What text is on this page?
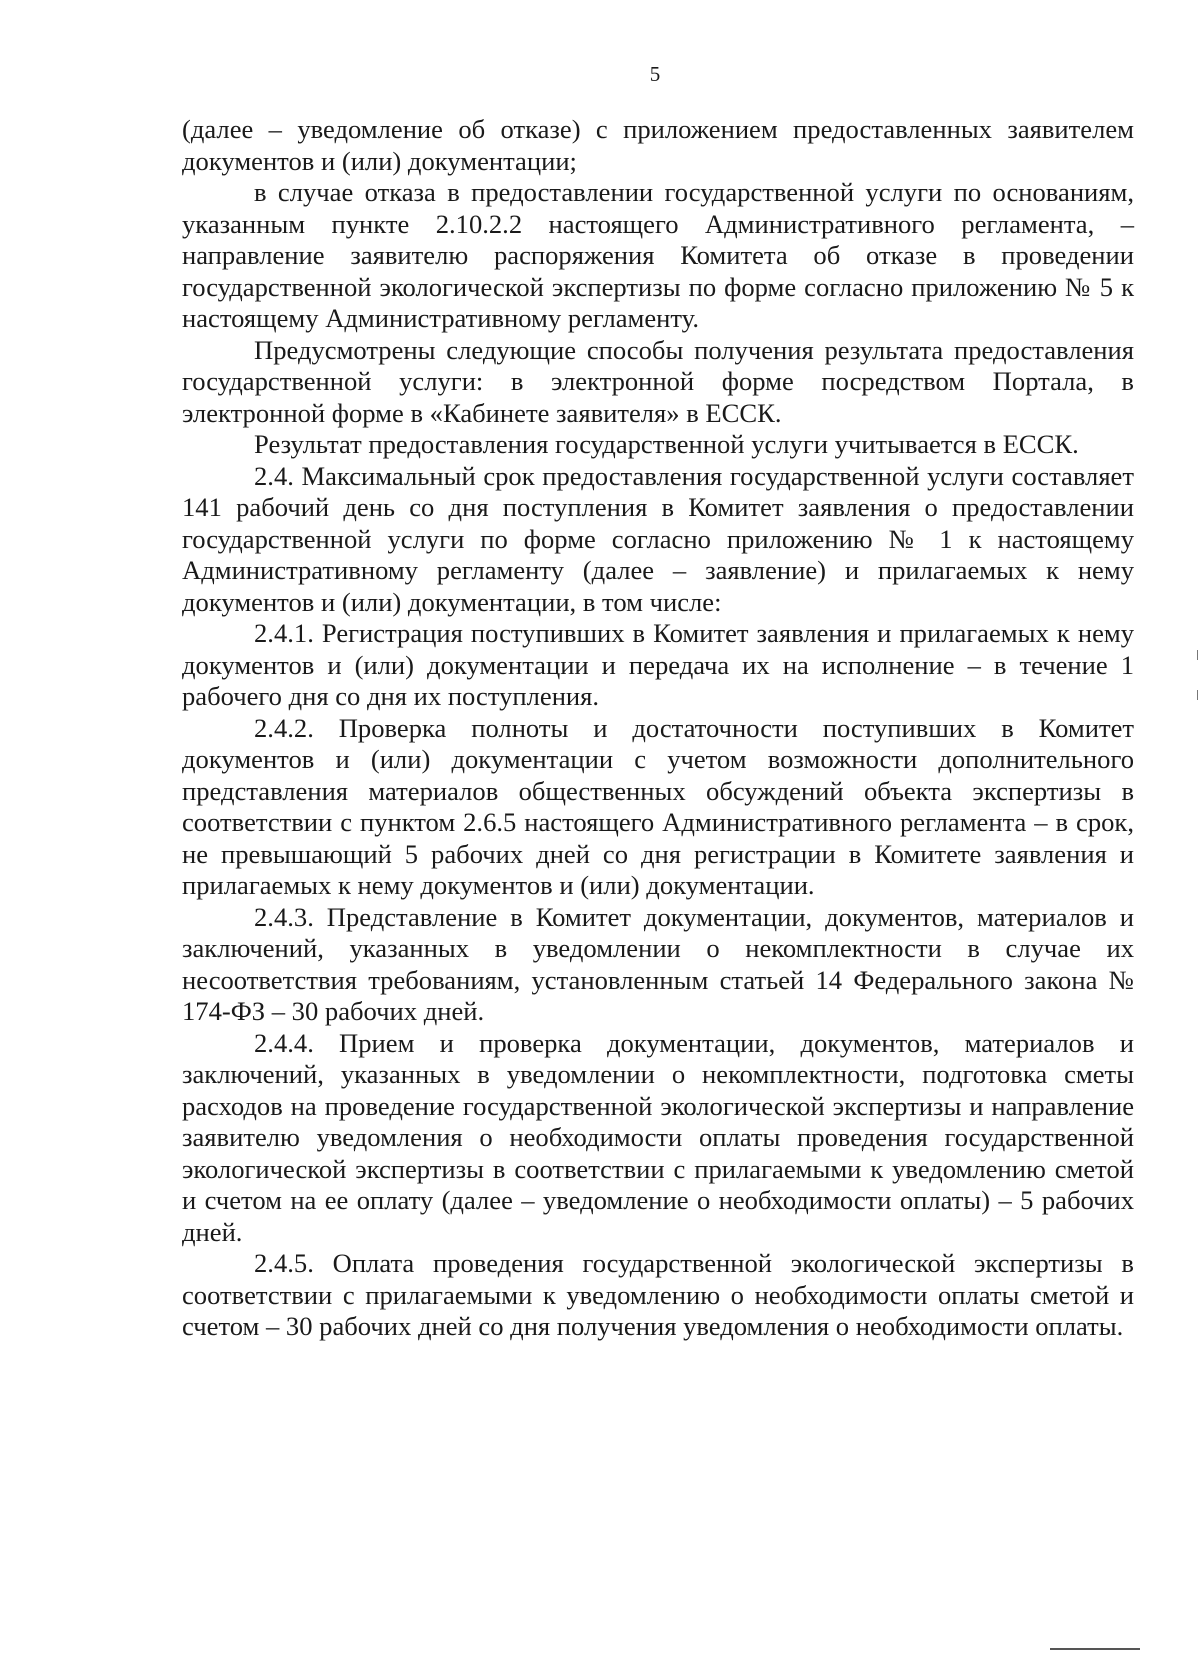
5

(далее – уведомление об отказе) с приложением предоставленных заявителем документов и (или) документации;

в случае отказа в предоставлении государственной услуги по основаниям, указанным пункте 2.10.2.2 настоящего Административного регламента, – направление заявителю распоряжения Комитета об отказе в проведении государственной экологической экспертизы по форме согласно приложению № 5 к настоящему Административному регламенту.

Предусмотрены следующие способы получения результата предоставления государственной услуги: в электронной форме посредством Портала, в электронной форме в «Кабинете заявителя» в ЕССК.

Результат предоставления государственной услуги учитывается в ЕССК.

2.4. Максимальный срок предоставления государственной услуги составляет 141 рабочий день со дня поступления в Комитет заявления о предоставлении государственной услуги по форме согласно приложению № 1 к настоящему Административному регламенту (далее – заявление) и прилагаемых к нему документов и (или) документации, в том числе:

2.4.1. Регистрация поступивших в Комитет заявления и прилагаемых к нему документов и (или) документации и передача их на исполнение – в течение 1 рабочего дня со дня их поступления.

2.4.2. Проверка полноты и достаточности поступивших в Комитет документов и (или) документации с учетом возможности дополнительного представления материалов общественных обсуждений объекта экспертизы в соответствии с пунктом 2.6.5 настоящего Административного регламента – в срок, не превышающий 5 рабочих дней со дня регистрации в Комитете заявления и прилагаемых к нему документов и (или) документации.

2.4.3. Представление в Комитет документации, документов, материалов и заключений, указанных в уведомлении о некомплектности в случае их несоответствия требованиям, установленным статьей 14 Федерального закона № 174-ФЗ – 30 рабочих дней.

2.4.4. Прием и проверка документации, документов, материалов и заключений, указанных в уведомлении о некомплектности, подготовка сметы расходов на проведение государственной экологической экспертизы и направление заявителю уведомления о необходимости оплаты проведения государственной экологической экспертизы в соответствии с прилагаемыми к уведомлению сметой и счетом на ее оплату (далее – уведомление о необходимости оплаты) – 5 рабочих дней.

2.4.5. Оплата проведения государственной экологической экспертизы в соответствии с прилагаемыми к уведомлению о необходимости оплаты сметой и счетом – 30 рабочих дней со дня получения уведомления о необходимости оплаты.
